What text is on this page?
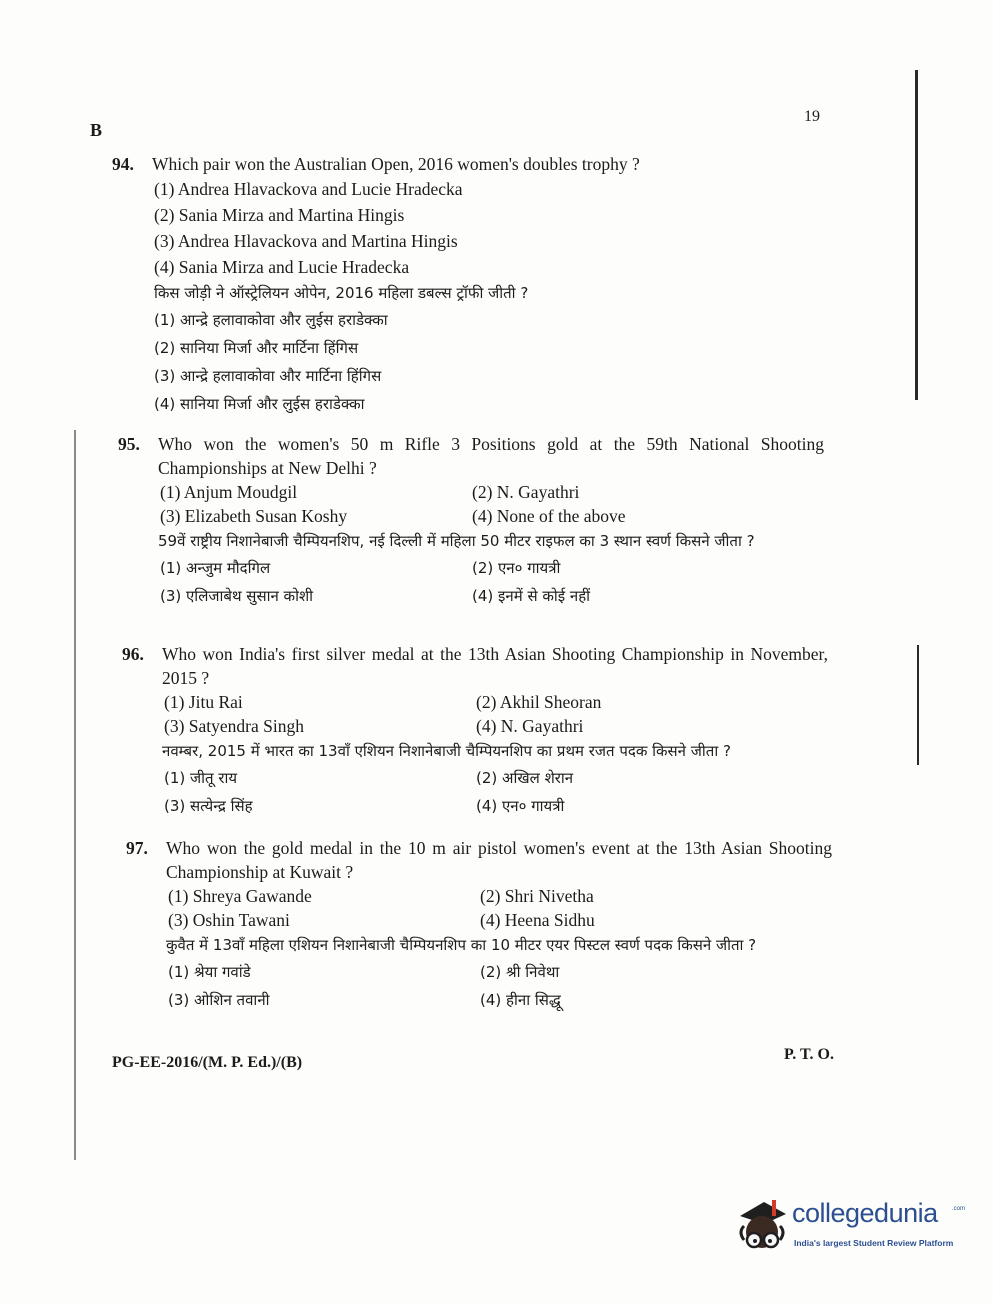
19
B
94. Which pair won the Australian Open, 2016 women's doubles trophy ?
(1) Andrea Hlavackova and Lucie Hradecka
(2) Sania Mirza and Martina Hingis
(3) Andrea Hlavackova and Martina Hingis
(4) Sania Mirza and Lucie Hradecka
किस जोड़ी ने ऑस्ट्रेलियन ओपेन, 2016 महिला डबल्स ट्रॉफी जीती ?
(1) आन्द्रे हलावाकोवा और लुईस हराडेक्का
(2) सानिया मिर्जा और मार्टिना हिंगिस
(3) आन्द्रे हलावाकोवा और मार्टिना हिंगिस
(4) सानिया मिर्जा और लुईस हराडेक्का
95. Who won the women's 50 m Rifle 3 Positions gold at the 59th National Shooting Championships at New Delhi ?
(1) Anjum Moudgil	(2) N. Gayathri
(3) Elizabeth Susan Koshy	(4) None of the above
59वें राष्ट्रीय निशानेबाजी चैम्पियनशिप, नई दिल्ली में महिला 50 मीटर राइफल का 3 स्थान स्वर्ण किसने जीता ?
(1) अन्जुम मौदगिल	(2) एन० गायत्री
(3) एलिजाबेथ सुसान कोशी	(4) इनमें से कोई नहीं
96. Who won India's first silver medal at the 13th Asian Shooting Championship in November, 2015 ?
(1) Jitu Rai	(2) Akhil Sheoran
(3) Satyendra Singh	(4) N. Gayathri
नवम्बर, 2015 में भारत का 13वाँ एशियन निशानेबाजी चैम्पियनशिप का प्रथम रजत पदक किसने जीता ?
(1) जीतू राय	(2) अखिल शेरान
(3) सत्येन्द्र सिंह	(4) एन० गायत्री
97. Who won the gold medal in the 10 m air pistol women's event at the 13th Asian Shooting Championship at Kuwait ?
(1) Shreya Gawande	(2) Shri Nivetha
(3) Oshin Tawani	(4) Heena Sidhu
कुवैत में 13वाँ महिला एशियन निशानेबाजी चैम्पियनशिप का 10 मीटर एयर पिस्टल स्वर्ण पदक किसने जीता ?
(1) श्रेया गवांडे	(2) श्री निवेथा
(3) ओशिन तवानी	(4) हीना सिद्धू
PG-EE-2016/(M. P. Ed.)/(B)	P. T. O.
collegedunia .com
India's largest Student Review Platform
